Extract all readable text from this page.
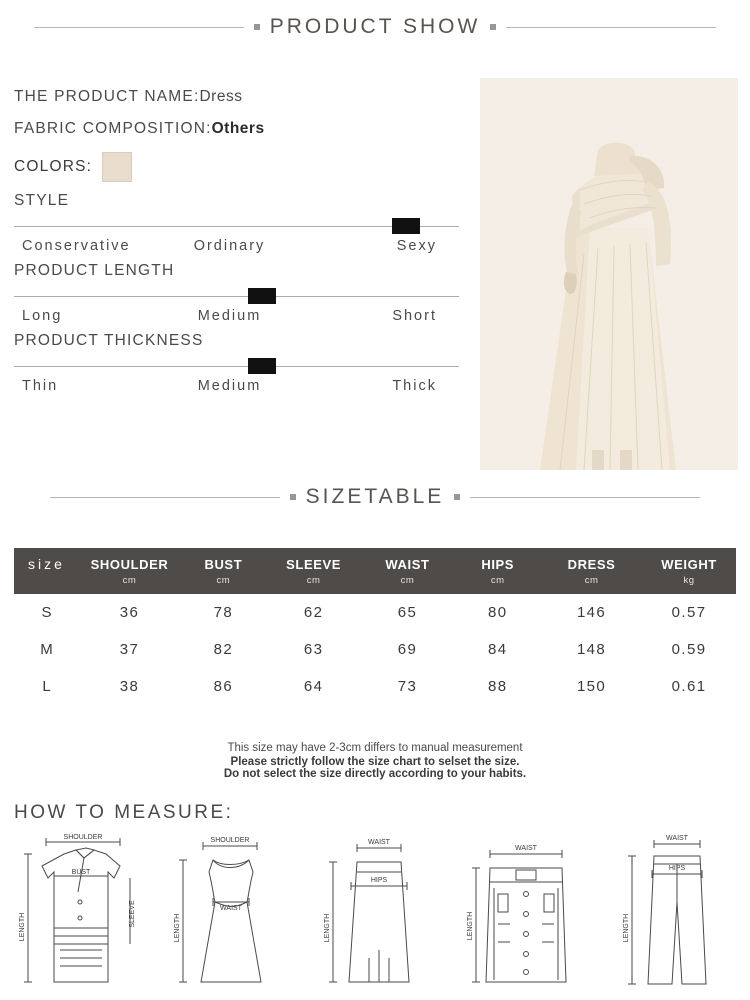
PRODUCT SHOW
THE PRODUCT NAME:Dress
FABRIC COMPOSITION:Others
COLORS:
STYLE
Conservative	Ordinary	Sexy
PRODUCT LENGTH
Long	Medium	Short
PRODUCT THICKNESS
Thin	Medium	Thick
SIZETABLE
size	SHOULDER	BUST	SLEEVE	WAIST	HIPS	DRESS	WEIGHT
	cm	cm	cm	cm	cm	cm	kg
S	36	78	62	65	80	146	0.57
M	37	82	63	69	84	148	0.59
L	38	86	64	73	88	150	0.61
This size may have 2-3cm differs to manual measurement
Please strictly follow the size chart to selset the size.
Do not select the size directly according to your habits.
HOW TO MEASURE:
SHOULDER
LENGTH
BUST
SLEEVE
SHOULDER
LENGTH
WAIST
WAIST
HIPS
LENGTH
WAIST
LENGTH
WAIST
HIPS
LENGTH
